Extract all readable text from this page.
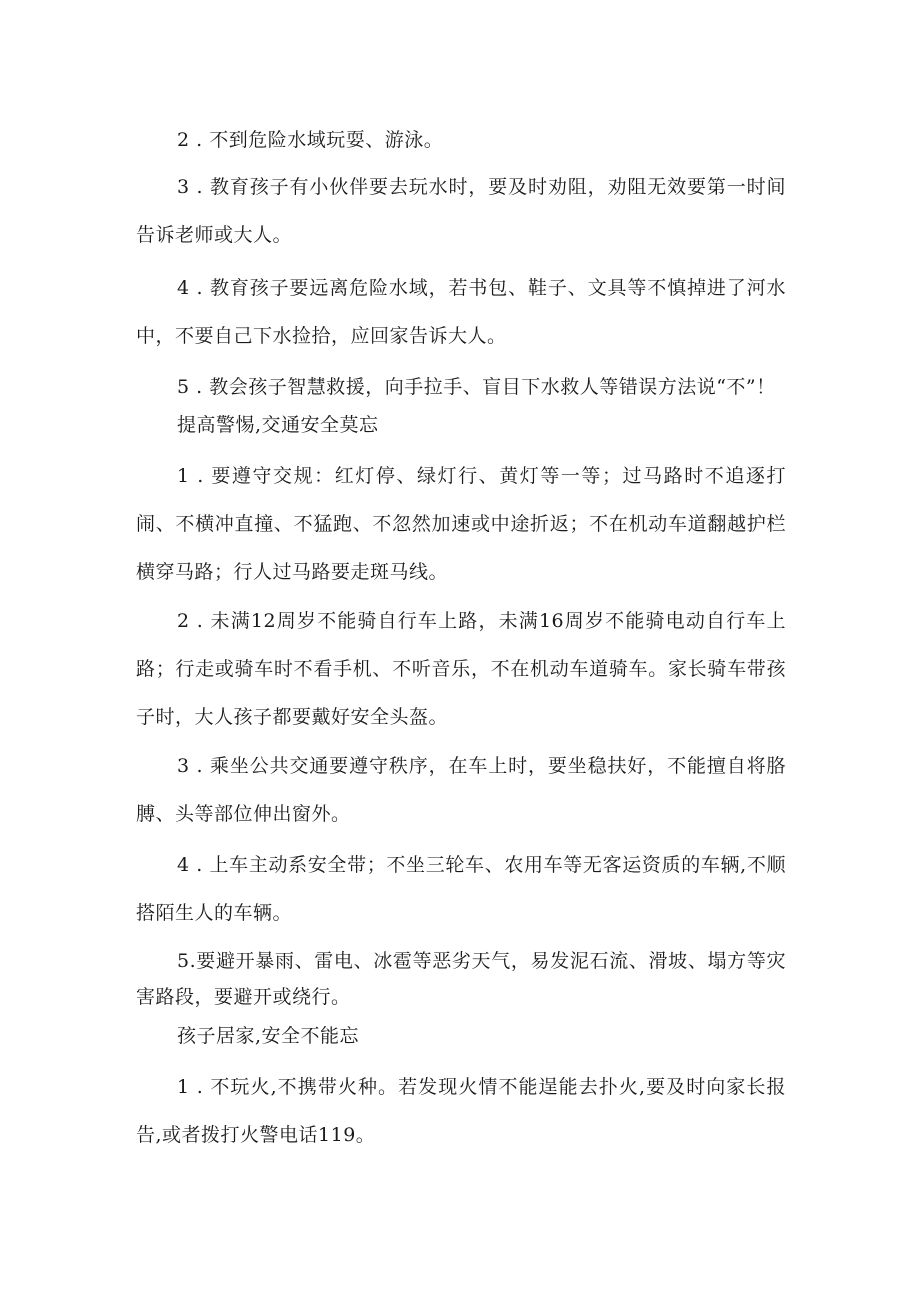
2 . 不到危险水域玩耍、游泳。

3 . 教育孩子有小伙伴要去玩水时，要及时劝阻，劝阻无效要第一时间告诉老师或大人。

4 . 教育孩子要远离危险水域，若书包、鞋子、文具等不慎掉进了河水中，不要自己下水捡拾，应回家告诉大人。

5 . 教会孩子智慧救援，向手拉手、盲目下水救人等错误方法说“不”！

提高警惕,交通安全莫忘

1 . 要遵守交规：红灯停、绿灯行、黄灯等一等；过马路时不追逐打闹、不横冲直撞、不猛跑、不忽然加速或中途折返；不在机动车道翻越护栏横穿马路；行人过马路要走斑马线。

2 . 未满12周岁不能骑自行车上路，未满16周岁不能骑电动自行车上路；行走或骑车时不看手机、不听音乐，不在机动车道骑车。家长骑车带孩子时，大人孩子都要戴好安全头盔。

3 . 乘坐公共交通要遵守秩序，在车上时，要坐稳扶好，不能擅自将胳膊、头等部位伸出窗外。

4 . 上车主动系安全带；不坐三轮车、农用车等无客运资质的车辆,不顺搭陌生人的车辆。

5.要避开暴雨、雷电、冰雹等恶劣天气，易发泥石流、滑坡、塌方等灾害路段，要避开或绕行。

孩子居家,安全不能忘

1 . 不玩火,不携带火种。若发现火情不能逞能去扑火,要及时向家长报告,或者拨打火警电话119。
